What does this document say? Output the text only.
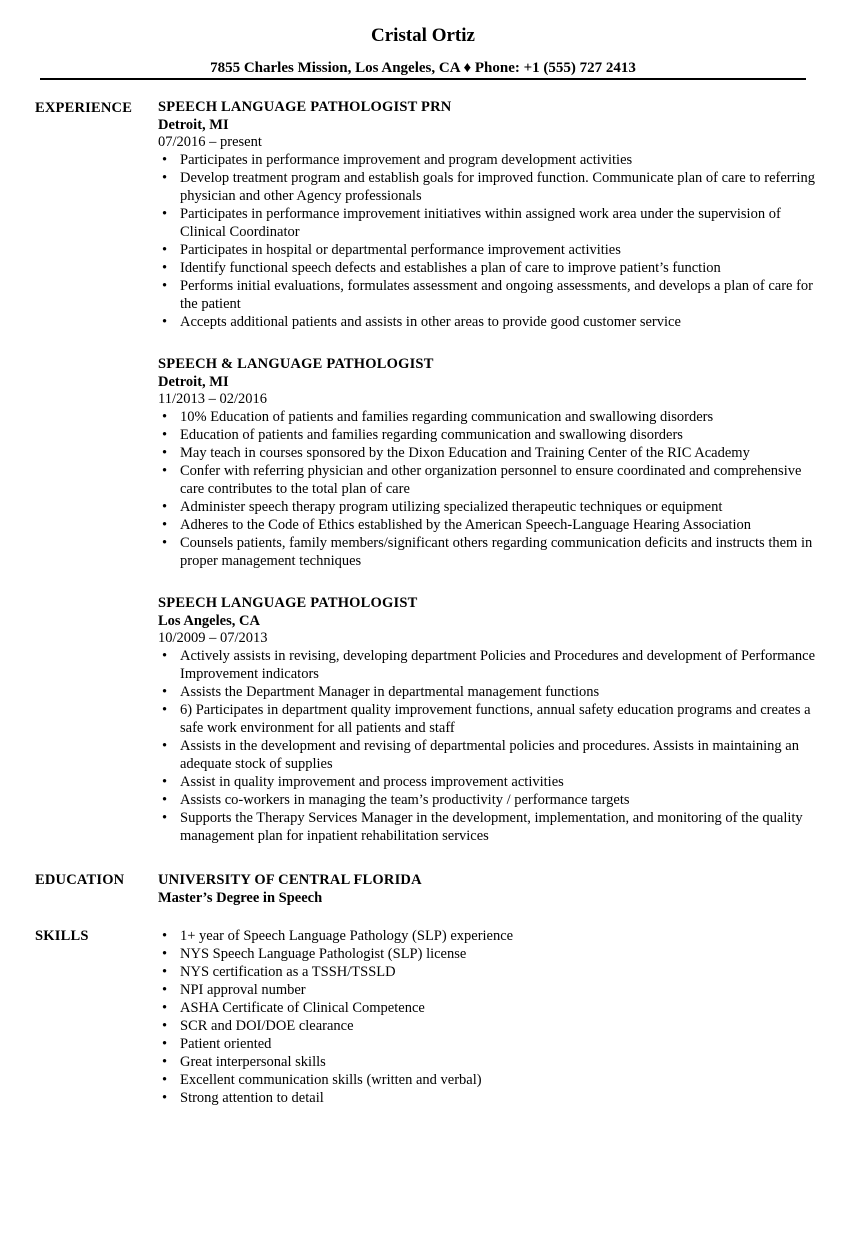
Cristal Ortiz
7855 Charles Mission, Los Angeles, CA ♦ Phone: +1 (555) 727 2413
EXPERIENCE SPEECH LANGUAGE PATHOLOGIST PRN
Detroit, MI
07/2016 – present
• Participates in performance improvement and program development activities
• Develop treatment program and establish goals for improved function. Communicate plan of care to referring physician and other Agency professionals
• Participates in performance improvement initiatives within assigned work area under the supervision of Clinical Coordinator
• Participates in hospital or departmental performance improvement activities
• Identify functional speech defects and establishes a plan of care to improve patient’s function
• Performs initial evaluations, formulates assessment and ongoing assessments, and develops a plan of care for the patient
• Accepts additional patients and assists in other areas to provide good customer service
SPEECH & LANGUAGE PATHOLOGIST
Detroit, MI
11/2013 – 02/2016
• 10% Education of patients and families regarding communication and swallowing disorders
• Education of patients and families regarding communication and swallowing disorders
• May teach in courses sponsored by the Dixon Education and Training Center of the RIC Academy
• Confer with referring physician and other organization personnel to ensure coordinated and comprehensive care contributes to the total plan of care
• Administer speech therapy program utilizing specialized therapeutic techniques or equipment
• Adheres to the Code of Ethics established by the American Speech-Language Hearing Association
• Counsels patients, family members/significant others regarding communication deficits and instructs them in proper management techniques
SPEECH LANGUAGE PATHOLOGIST
Los Angeles, CA
10/2009 – 07/2013
• Actively assists in revising, developing department Policies and Procedures and development of Performance Improvement indicators
• Assists the Department Manager in departmental management functions
• 6) Participates in department quality improvement functions, annual safety education programs and creates a safe work environment for all patients and staff
• Assists in the development and revising of departmental policies and procedures. Assists in maintaining an adequate stock of supplies
• Assist in quality improvement and process improvement activities
• Assists co-workers in managing the team’s productivity / performance targets
• Supports the Therapy Services Manager in the development, implementation, and monitoring of the quality management plan for inpatient rehabilitation services
EDUCATION UNIVERSITY OF CENTRAL FLORIDA
Master’s Degree in Speech
SKILLS
•	1+ year of Speech Language Pathology (SLP) experience
• NYS Speech Language Pathologist (SLP) license
• NYS certification as a TSSH/TSSLD
• NPI approval number
• ASHA Certificate of Clinical Competence
• SCR and DOI/DOE clearance
• Patient oriented
• Great interpersonal skills
• Excellent communication skills (written and verbal)
• Strong attention to detail
